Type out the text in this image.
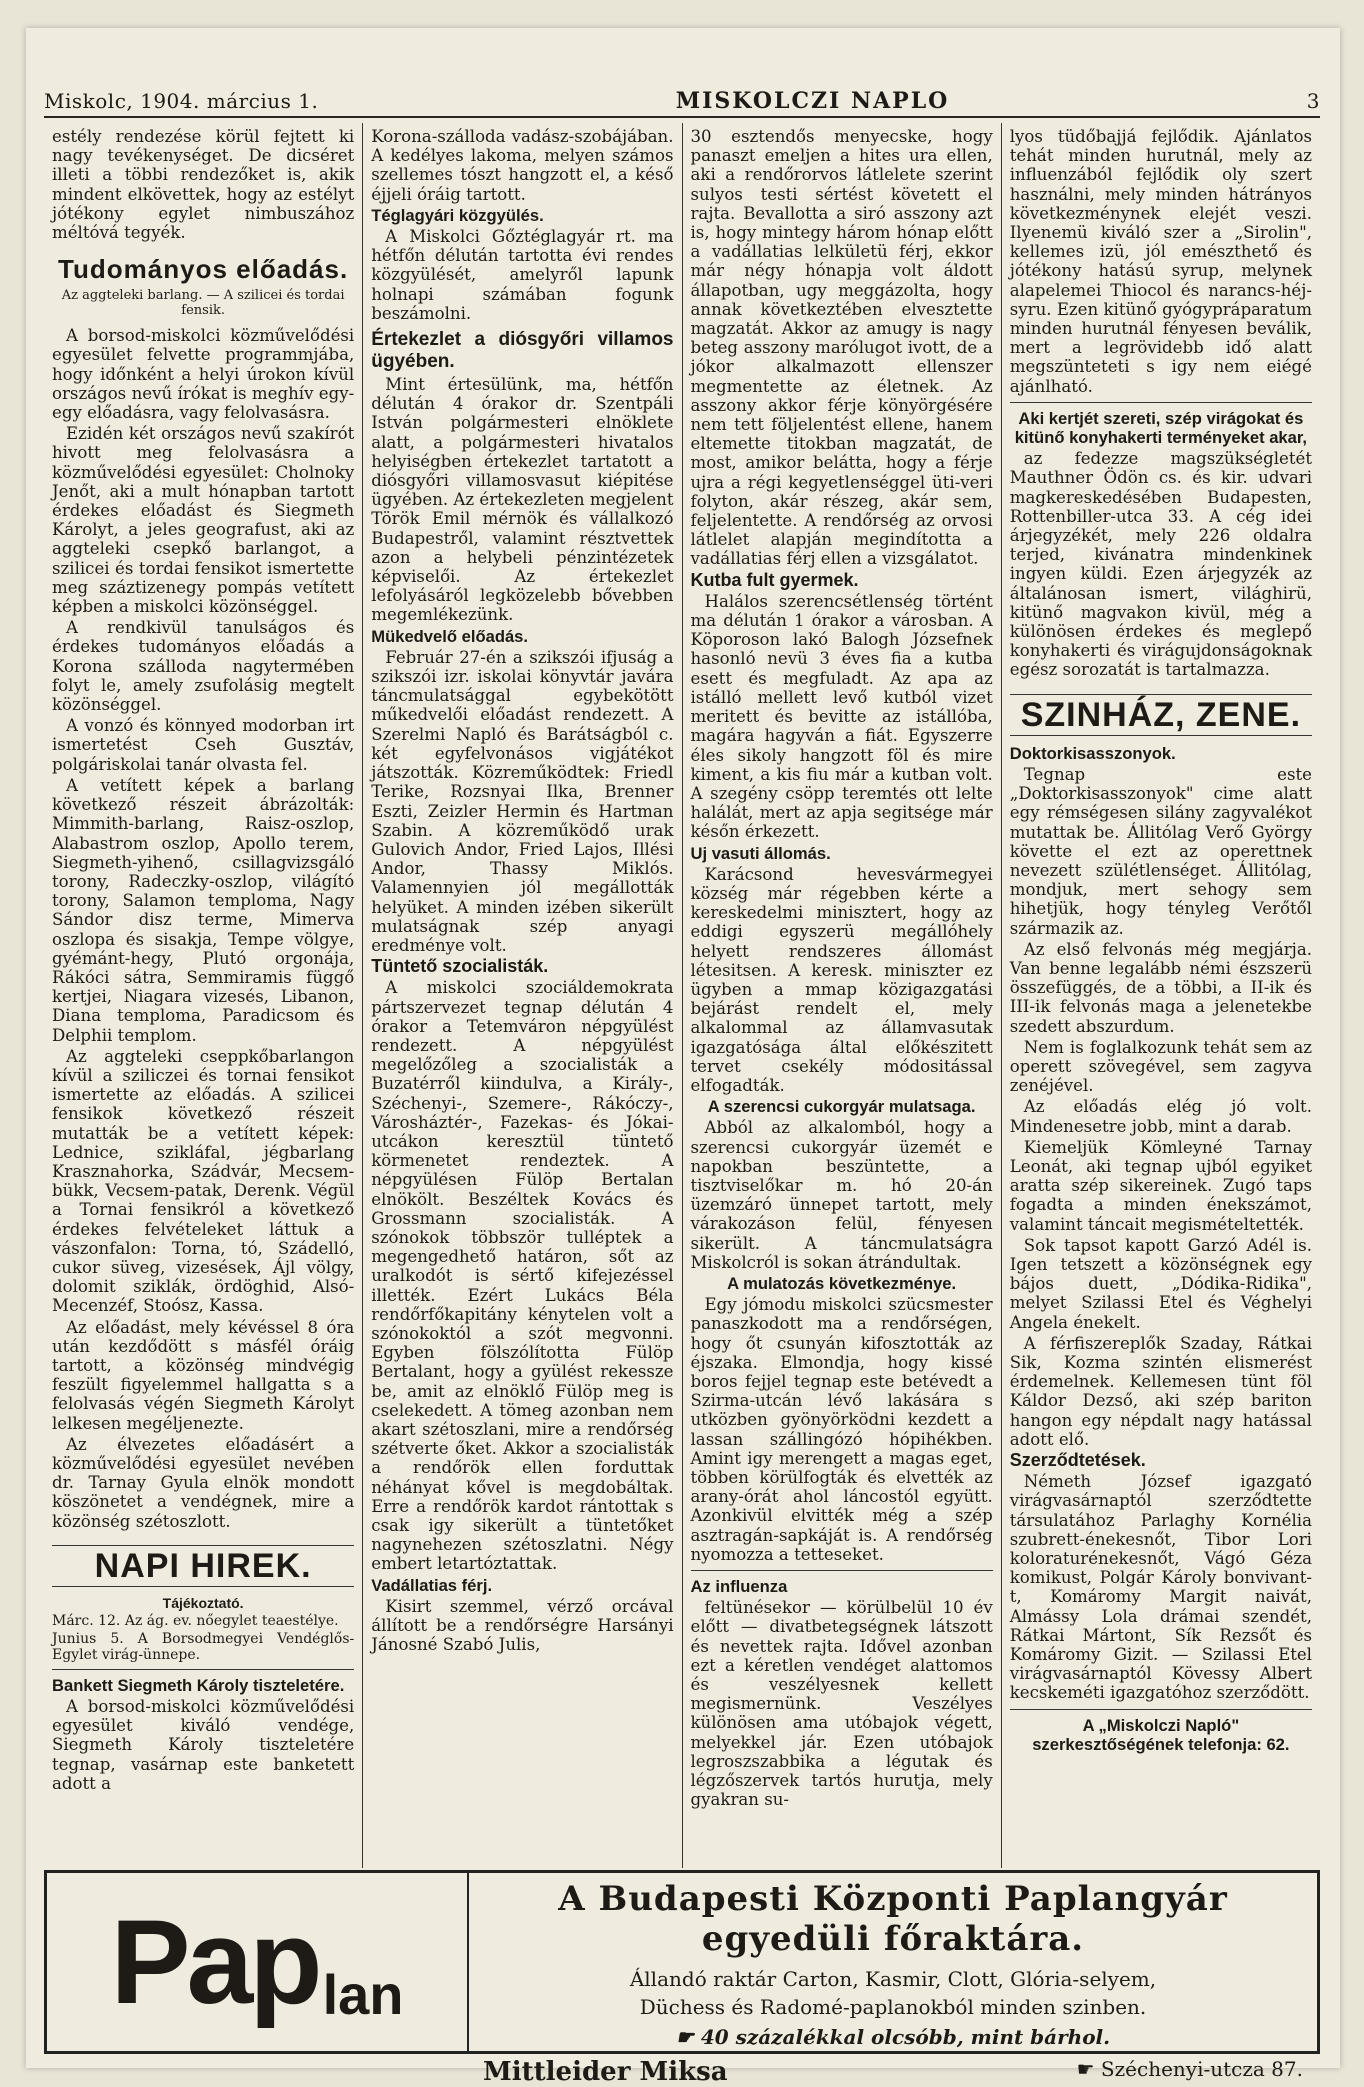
Miskolc, 1904. március 1.	MISKOLCZI NAPLO	3

estély rendezése körül fejtett ki nagy tevékenységet. De dicséret illeti a többi rendezőket is, akik mindent elkövettek, hogy az estélyt jótékony egylet nimbuszához méltóvá tegyék.

Tudományos előadás.
Az aggteleki barlang. — A szilicei és tordai fensik.

A borsod-miskolci közművelődési egyesület felvette programmjába, hogy időnként a helyi úrokon kívül országos nevű írókat is meghív egy-egy előadásra, vagy felolvasásra.

Ezidén két országos nevű szakírót hivott meg felolvasásra a közművelődési egyesület: Cholnoky Jenőt, aki a mult hónapban tartott érdekes előadást és Siegmeth Károlyt, a jeles geografust, aki az aggteleki csepkő barlangot, a szilicei és tordai fensikot ismertette meg száztizenegy pompás vetített képben a miskolci közönséggel.

A rendkivül tanulságos és érdekes tudományos előadás a Korona szálloda nagytermében folyt le, amely zsufolásig megtelt közönséggel.

A vonzó és könnyed modorban irt ismertetést Cseh Gusztáv, polgáriskolai tanár olvasta fel.

A vetített képek a barlang következő részeit ábrázolták: Mimmith-barlang, Raisz-oszlop, Alabastrom oszlop, Apollo terem, Siegmeth-yihenő, csillagvizsgáló torony, Radeczky-oszlop, világító torony, Salamon temploma, Nagy Sándor disz terme, Mimerva oszlopa és sisakja, Tempe völgye, gyémánt-hegy, Plutó orgonája, Rákóci sátra, Semmiramis függő kertjei, Niagara vizesés, Libanon, Diana temploma, Paradicsom és Delphii templom.

Az aggteleki cseppkőbarlangon kívül a sziliczei és tornai fensikot ismertette az előadás. A szilicei fensikok következő részeit mutatták be a vetített képek: Lednice, szikláfal, jégbarlang Krasznahorka, Szádvár, Mecsem-bükk, Vecsem-patak, Derenk. Végül a Tornai fensikról a következő érdekes felvételeket láttuk a vászonfalon: Torna, tó, Szádelló, cukor süveg, vizesések, Ájl völgy, dolomit sziklák, ördöghid, Alsó-Mecenzéf, Stoósz, Kassa.

Az előadást, mely kévéssel 8 óra után kezdődött s másfél óráig tartott, a közönség mindvégig feszült figyelemmel hallgatta s a felolvasás végén Siegmeth Károlyt lelkesen megéljenezte.

Az élvezetes előadásért a közművelődési egyesület nevében dr. Tarnay Gyula elnök mondott köszönetet a vendégnek, mire a közönség szétoszlott.

NAPI HIREK.

Tájékoztató.

Márc. 12. Az ág. ev. nőegylet teaestélye.

Junius 5. A Borsodmegyei Vendéglős-Egylet virág-ünnepe.

Bankett Siegmeth Károly tiszteletére.

A borsod-miskolci közművelődési egyesület kiváló vendége, Siegmeth Károly tiszteletére tegnap, vasárnap este banketett adott a

Korona-szálloda vadász-szobájában. A kedélyes lakoma, melyen számos szellemes tószt hangzott el, a késő éjjeli óráig tartott.

Téglagyári közgyülés.

A Miskolci Gőztéglagyár rt. ma hétfőn délután tartotta évi rendes közgyülését, amelyről lapunk holnapi számában fogunk beszámolni.

Értekezlet a diósgyőri villamos ügyében.

Mint értesülünk, ma, hétfőn délután 4 órakor dr. Szentpáli István polgármesteri elnöklete alatt, a polgármesteri hivatalos helyiségben értekezlet tartatott a diósgyőri villamosvasut kiépitése ügyében. Az értekezleten megjelent Török Emil mérnök és vállalkozó Budapestről, valamint résztvettek azon a helybeli pénzintézetek képviselői. Az értekezlet lefolyásáról legközelebb bővebben megemlékezünk.

Mükedvelő előadás.

Február 27-én a szikszói ifjuság a szikszói izr. iskolai könyvtár javára táncmulatsággal egybekötött műkedvelői előadást rendezett. A Szerelmi Napló és Barátságból c. két egyfelvonásos vigjátékot játszották. Közreműködtek: Friedl Terike, Rozsnyai Ilka, Brenner Eszti, Zeizler Hermin és Hartman Szabin. A közreműködő urak Gulovich Andor, Fried Lajos, Illési Andor, Thassy Miklós. Valamennyien jól megállották helyüket. A minden izében sikerült mulatságnak szép anyagi eredménye volt.

Tüntető szocialisták.

A miskolci szociáldemokrata pártszervezet tegnap délután 4 órakor a Tetemváron népgyülést rendezett. A népgyülést megelőzőleg a szocialisták a Buzatérről kiindulva, a Király-, Széchenyi-, Szemere-, Rákóczy-, Városháztér-, Fazekas- és Jókai-utcákon keresztül tüntető körmenetet rendeztek. A népgyülésen Fülöp Bertalan elnökölt. Beszéltek Kovács és Grossmann szocialisták. A szónokok többször tulléptek a megengedhető határon, sőt az uralkodót is sértő kifejezéssel illették. Ezért Lukács Béla rendőrfőkapitány kénytelen volt a szónokoktól a szót megvonni. Egyben fölszólította Fülöp Bertalant, hogy a gyülést rekessze be, amit az elnöklő Fülöp meg is cselekedett. A tömeg azonban nem akart szétoszlani, mire a rendőrség szétverte őket. Akkor a szocialisták a rendőrök ellen forduttak néhányat kővel is megdobáltak. Erre a rendőrök kardot rántottak s csak igy sikerült a tüntetőket nagynehezen szétoszlatni. Négy embert letartóztattak.

Vadállatias férj.

Kisirt szemmel, vérző orcával állított be a rendőrségre Harsányi Jánosné Szabó Julis,

30 esztendős menyecske, hogy panaszt emeljen a hites ura ellen, aki a rendőrorvos látlelete szerint sulyos testi sértést követett el rajta. Bevallotta a siró asszony azt is, hogy mintegy három hónap előtt a vadállatias lelkületü férj, ekkor már négy hónapja volt áldott állapotban, ugy meggázolta, hogy annak következtében elvesztette magzatát. Akkor az amugy is nagy beteg asszony marólugot ivott, de a jókor alkalmazott ellenszer megmentette az életnek. Az asszony akkor férje könyörgésére nem tett följelentést ellene, hanem eltemette titokban magzatát, de most, amikor belátta, hogy a férje ujra a régi kegyetlenséggel üti-veri folyton, akár részeg, akár sem, feljelentette. A rendőrség az orvosi látlelet alapján megindította a vadállatias férj ellen a vizsgálatot.

Kutba fult gyermek.

Halálos szerencsétlenség történt ma délután 1 órakor a városban. A Köporoson lakó Balogh Józsefnek hasonló nevü 3 éves fia a kutba esett és megfuladt. Az apa az istálló mellett levő kutból vizet meritett és bevitte az istállóba, magára hagyván a fiát. Egyszerre éles sikoly hangzott föl és mire kiment, a kis fiu már a kutban volt. A szegény csöpp teremtés ott lelte halálát, mert az apja segitsége már későn érkezett.

Uj vasuti állomás.

Karácsond hevesvármegyei község már régebben kérte a kereskedelmi minisztert, hogy az eddigi egyszerü megállóhely helyett rendszeres állomást létesitsen. A keresk. miniszter ez ügyben a mmap közigazgatási bejárást rendelt el, mely alkalommal az államvasutak igazgatósága által előkészitett tervet csekély módositással elfogadták.

A szerencsi cukorgyár mulatsaga.

Abból az alkalomból, hogy a szerencsi cukorgyár üzemét e napokban beszüntette, a tisztviselőkar m. hó 20-án üzemzáró ünnepet tartott, mely várakozáson felül, fényesen sikerült. A táncmulatságra Miskolcról is sokan átrándultak.

A mulatozás következménye.

Egy jómodu miskolci szücsmester panaszkodott ma a rendőrségen, hogy őt csunyán kifosztották az éjszaka. Elmondja, hogy kissé boros fejjel tegnap este betévedt a Szirma-utcán lévő lakására s utközben gyönyörködni kezdett a lassan szállingózó hópihékben. Amint igy merengett a magas eget, többen körülfogták és elvették az arany-órát ahol láncostól együtt. Azonkivül elvitték még a szép asztragán-sapkáját is. A rendőrség nyomozza a tetteseket.

Az influenza

feltünésekor — körülbelül 10 év előtt — divatbetegségnek látszott és nevettek rajta. Idővel azonban ezt a kéretlen vendéget alattomos és veszélyesnek kellett megismernünk. Veszélyes különösen ama utóbajok végett, melyekkel jár. Ezen utóbajok legroszszabbika a légutak és légzőszervek tartós hurutja, mely gyakran su-

lyos tüdőbajjá fejlődik. Ajánlatos tehát minden hurutnál, mely az influenzából fejlődik oly szert használni, mely minden hátrányos következménynek elejét veszi. Ilyenemü kiváló szer a „Sirolin", kellemes izü, jól emészthető és jótékony hatású syrup, melynek alapelemei Thiocol és narancs-héj-syru. Ezen kitünő gyógypráparatum minden hurutnál fényesen beválik, mert a legrövidebb idő alatt megszünteteti s igy nem eiégé ajánlható.

Aki kertjét szereti, szép virágokat és kitünő konyhakerti terményeket akar,

az fedezze magszükségletét Mauthner Ödön cs. és kir. udvari magkereskedésében Budapesten, Rottenbiller-utca 33. A cég idei árjegyzékét, mely 226 oldalra terjed, kivánatra mindenkinek ingyen küldi. Ezen árjegyzék az általánosan ismert, világhirü, kitünő magvakon kivül, még a különösen érdekes és meglepő konyhakerti és virágujdonságoknak egész sorozatát is tartalmazza.

SZINHÁZ, ZENE.

Doktorkisasszonyok.

Tegnap este „Doktorkisasszonyok" cime alatt egy rémségesen silány zagyvalékot mutattak be. Állitólag Verő György követte el ezt az operettnek nevezett szülétlenséget. Állitólag, mondjuk, mert sehogy sem hihetjük, hogy tényleg Verőtől származik az.

Az első felvonás még megjárja. Van benne legalább némi észszerü összefüggés, de a többi, a II-ik és III-ik felvonás maga a jelenetekbe szedett abszurdum.

Nem is foglalkozunk tehát sem az operett szövegével, sem zagyva zenéjével.

Az előadás elég jó volt. Mindenesetre jobb, mint a darab.

Kiemeljük Kömleyné Tarnay Leonát, aki tegnap ujból egyiket aratta szép sikereinek. Zugó taps fogadta a minden énekszámot, valamint táncait megismételtették.

Sok tapsot kapott Garzó Adél is. Igen tetszett a közönségnek egy bájos duett, „Dódika-Ridika", melyet Szilassi Etel és Véghelyi Angela énekelt.

A férfiszereplők Szaday, Rátkai Sik, Kozma szintén elismerést érdemelnek. Kellemesen tünt föl Káldor Dezső, aki szép bariton hangon egy népdalt nagy hatással adott elő.

Szerződtetések.

Németh József igazgató virágvasárnaptól szerződtette társulatához Parlaghy Kornélia szubrett-énekesnőt, Tibor Lori koloraturénekesnőt, Vágó Géza komikust, Polgár Károly bonvivant-t, Komáromy Margit naivát, Almássy Lola drámai szendét, Rátkai Mártont, Sík Rezsőt és Komáromy Gizit. — Szilassi Etel virágvasárnaptól Kövessy Albert kecskeméti igazgatóhoz szerződött.

A „Miskolczi Napló" szerkesztőségének telefonja: 62.

Pap lan
A Budapesti Központi Paplangyár egyedüli főraktára.
Állandó raktár Carton, Kasmir, Clott, Glória-selyem,
Düchess és Radomé-paplanokból minden szinben.
☛ 40 százalékkal olcsóbb, mint bárhol.
Mittleider Miksa	☛ Széchenyi-utcza 87.
